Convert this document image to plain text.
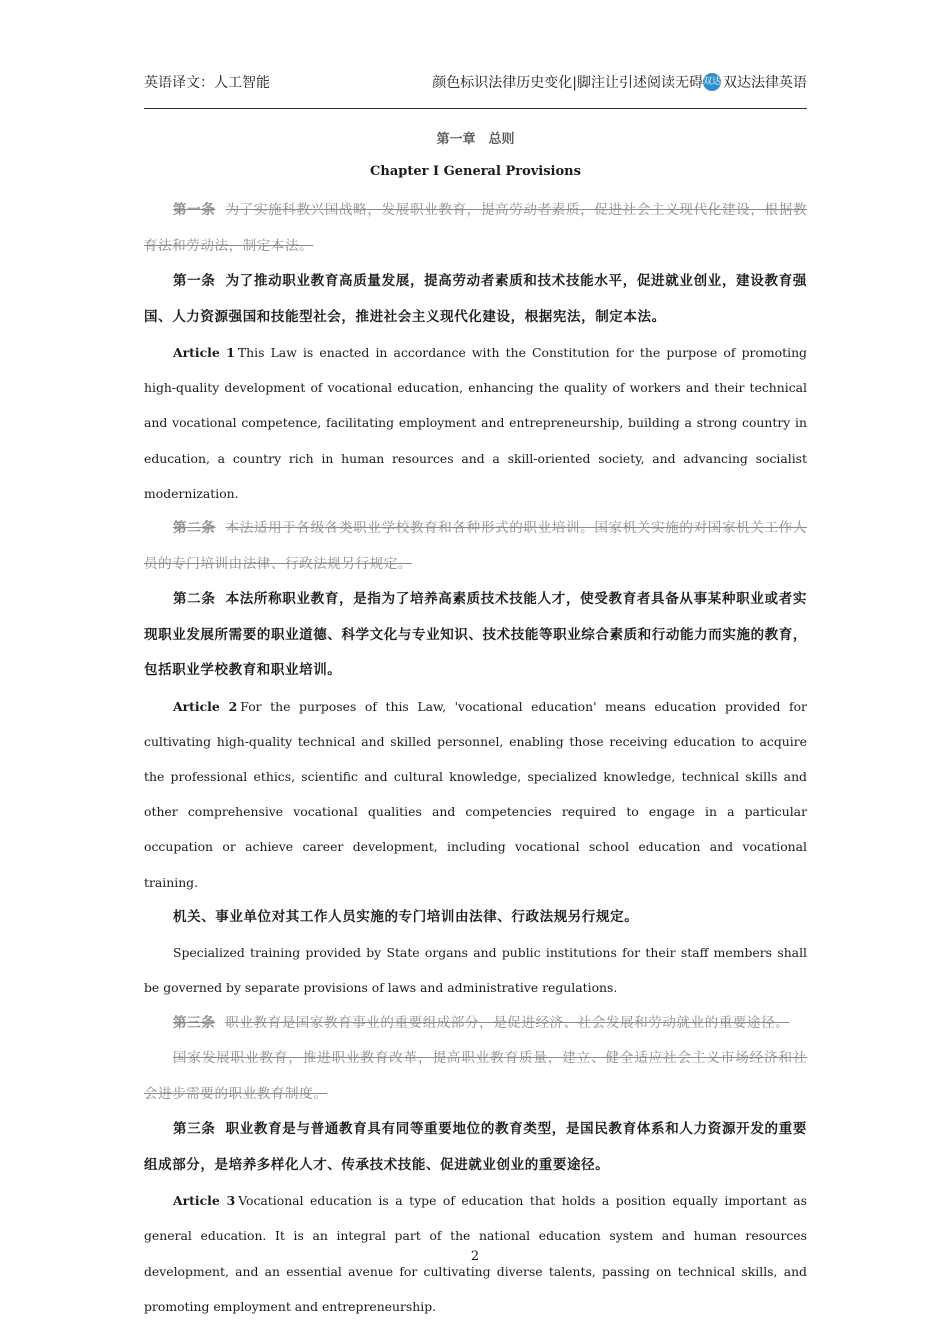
英语译文：人工智能	颜色标识法律历史变化|脚注让引述阅读无碍 双达 双达法律英语

第一章　总则

Chapter I General Provisions

第一条 为了实施科教兴国战略，发展职业教育，提高劳动者素质，促进社会主义现代化建设，根据教育法和劳动法，制定本法。

第一条 为了推动职业教育高质量发展，提高劳动者素质和技术技能水平，促进就业创业，建设教育强国、人力资源强国和技能型社会，推进社会主义现代化建设，根据宪法，制定本法。

Article 1 This Law is enacted in accordance with the Constitution for the purpose of promoting high-quality development of vocational education, enhancing the quality of workers and their technical and vocational competence, facilitating employment and entrepreneurship, building a strong country in education, a country rich in human resources and a skill-oriented society, and advancing socialist modernization.

第二条 本法适用于各级各类职业学校教育和各种形式的职业培训。国家机关实施的对国家机关工作人员的专门培训由法律、行政法规另行规定。

第二条 本法所称职业教育，是指为了培养高素质技术技能人才，使受教育者具备从事某种职业或者实现职业发展所需要的职业道德、科学文化与专业知识、技术技能等职业综合素质和行动能力而实施的教育，包括职业学校教育和职业培训。

Article 2 For the purposes of this Law, 'vocational education' means education provided for cultivating high-quality technical and skilled personnel, enabling those receiving education to acquire the professional ethics, scientific and cultural knowledge, specialized knowledge, technical skills and other comprehensive vocational qualities and competencies required to engage in a particular occupation or achieve career development, including vocational school education and vocational training.

机关、事业单位对其工作人员实施的专门培训由法律、行政法规另行规定。

Specialized training provided by State organs and public institutions for their staff members shall be governed by separate provisions of laws and administrative regulations.

第三条 职业教育是国家教育事业的重要组成部分，是促进经济、社会发展和劳动就业的重要途径。

国家发展职业教育，推进职业教育改革，提高职业教育质量，建立、健全适应社会主义市场经济和社会进步需要的职业教育制度。

第三条 职业教育是与普通教育具有同等重要地位的教育类型，是国民教育体系和人力资源开发的重要组成部分，是培养多样化人才、传承技术技能、促进就业创业的重要途径。

Article 3 Vocational education is a type of education that holds a position equally important as general education. It is an integral part of the national education system and human resources development, and an essential avenue for cultivating diverse talents, passing on technical skills, and promoting employment and entrepreneurship.

2
